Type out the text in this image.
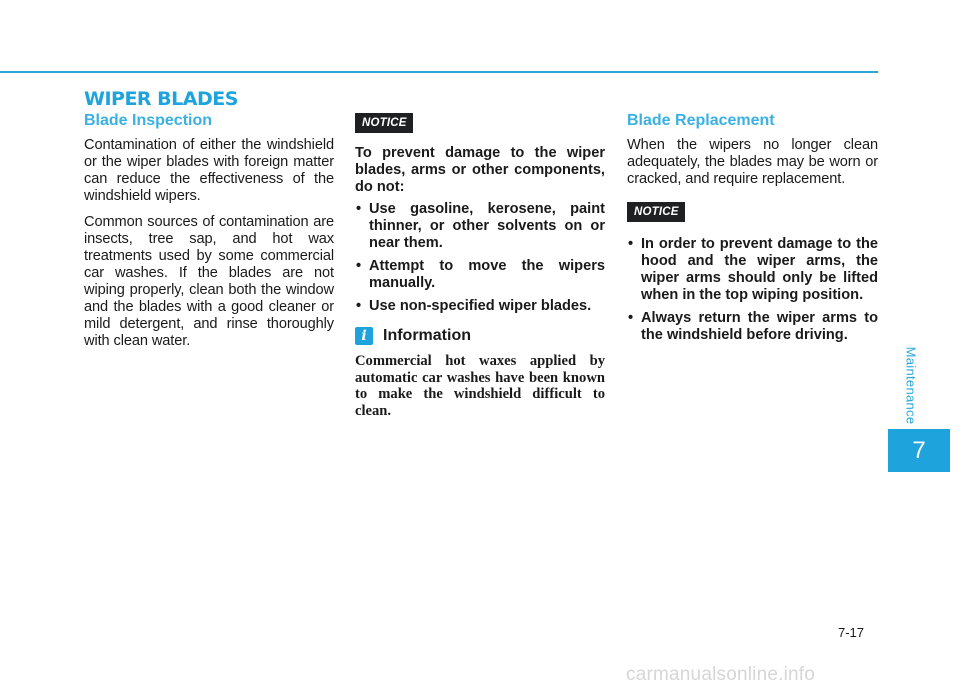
WIPER BLADES
Blade Inspection

Contamination of either the windshield or the wiper blades with foreign matter can reduce the effectiveness of the windshield wipers.

Common sources of contamination are insects, tree sap, and hot wax treatments used by some commercial car washes. If the blades are not wiping properly, clean both the window and the blades with a good cleaner or mild detergent, and rinse thoroughly with clean water.

NOTICE

To prevent damage to the wiper blades, arms or other components, do not:

• Use gasoline, kerosene, paint thinner, or other solvents on or near them.
• Attempt to move the wipers manually.
• Use non-specified wiper blades.
i	Information

Commercial hot waxes applied by automatic car washes have been known to make the windshield difficult to clean.

Blade Replacement

When the wipers no longer clean adequately, the blades may be worn or cracked, and require replacement.

NOTICE
• In order to prevent damage to the hood and the wiper arms, the wiper arms should only be lifted when in the top wiping position.
• Always return the wiper arms to the windshield before driving.
Maintenance
7
7-17
carmanualsonline.info
